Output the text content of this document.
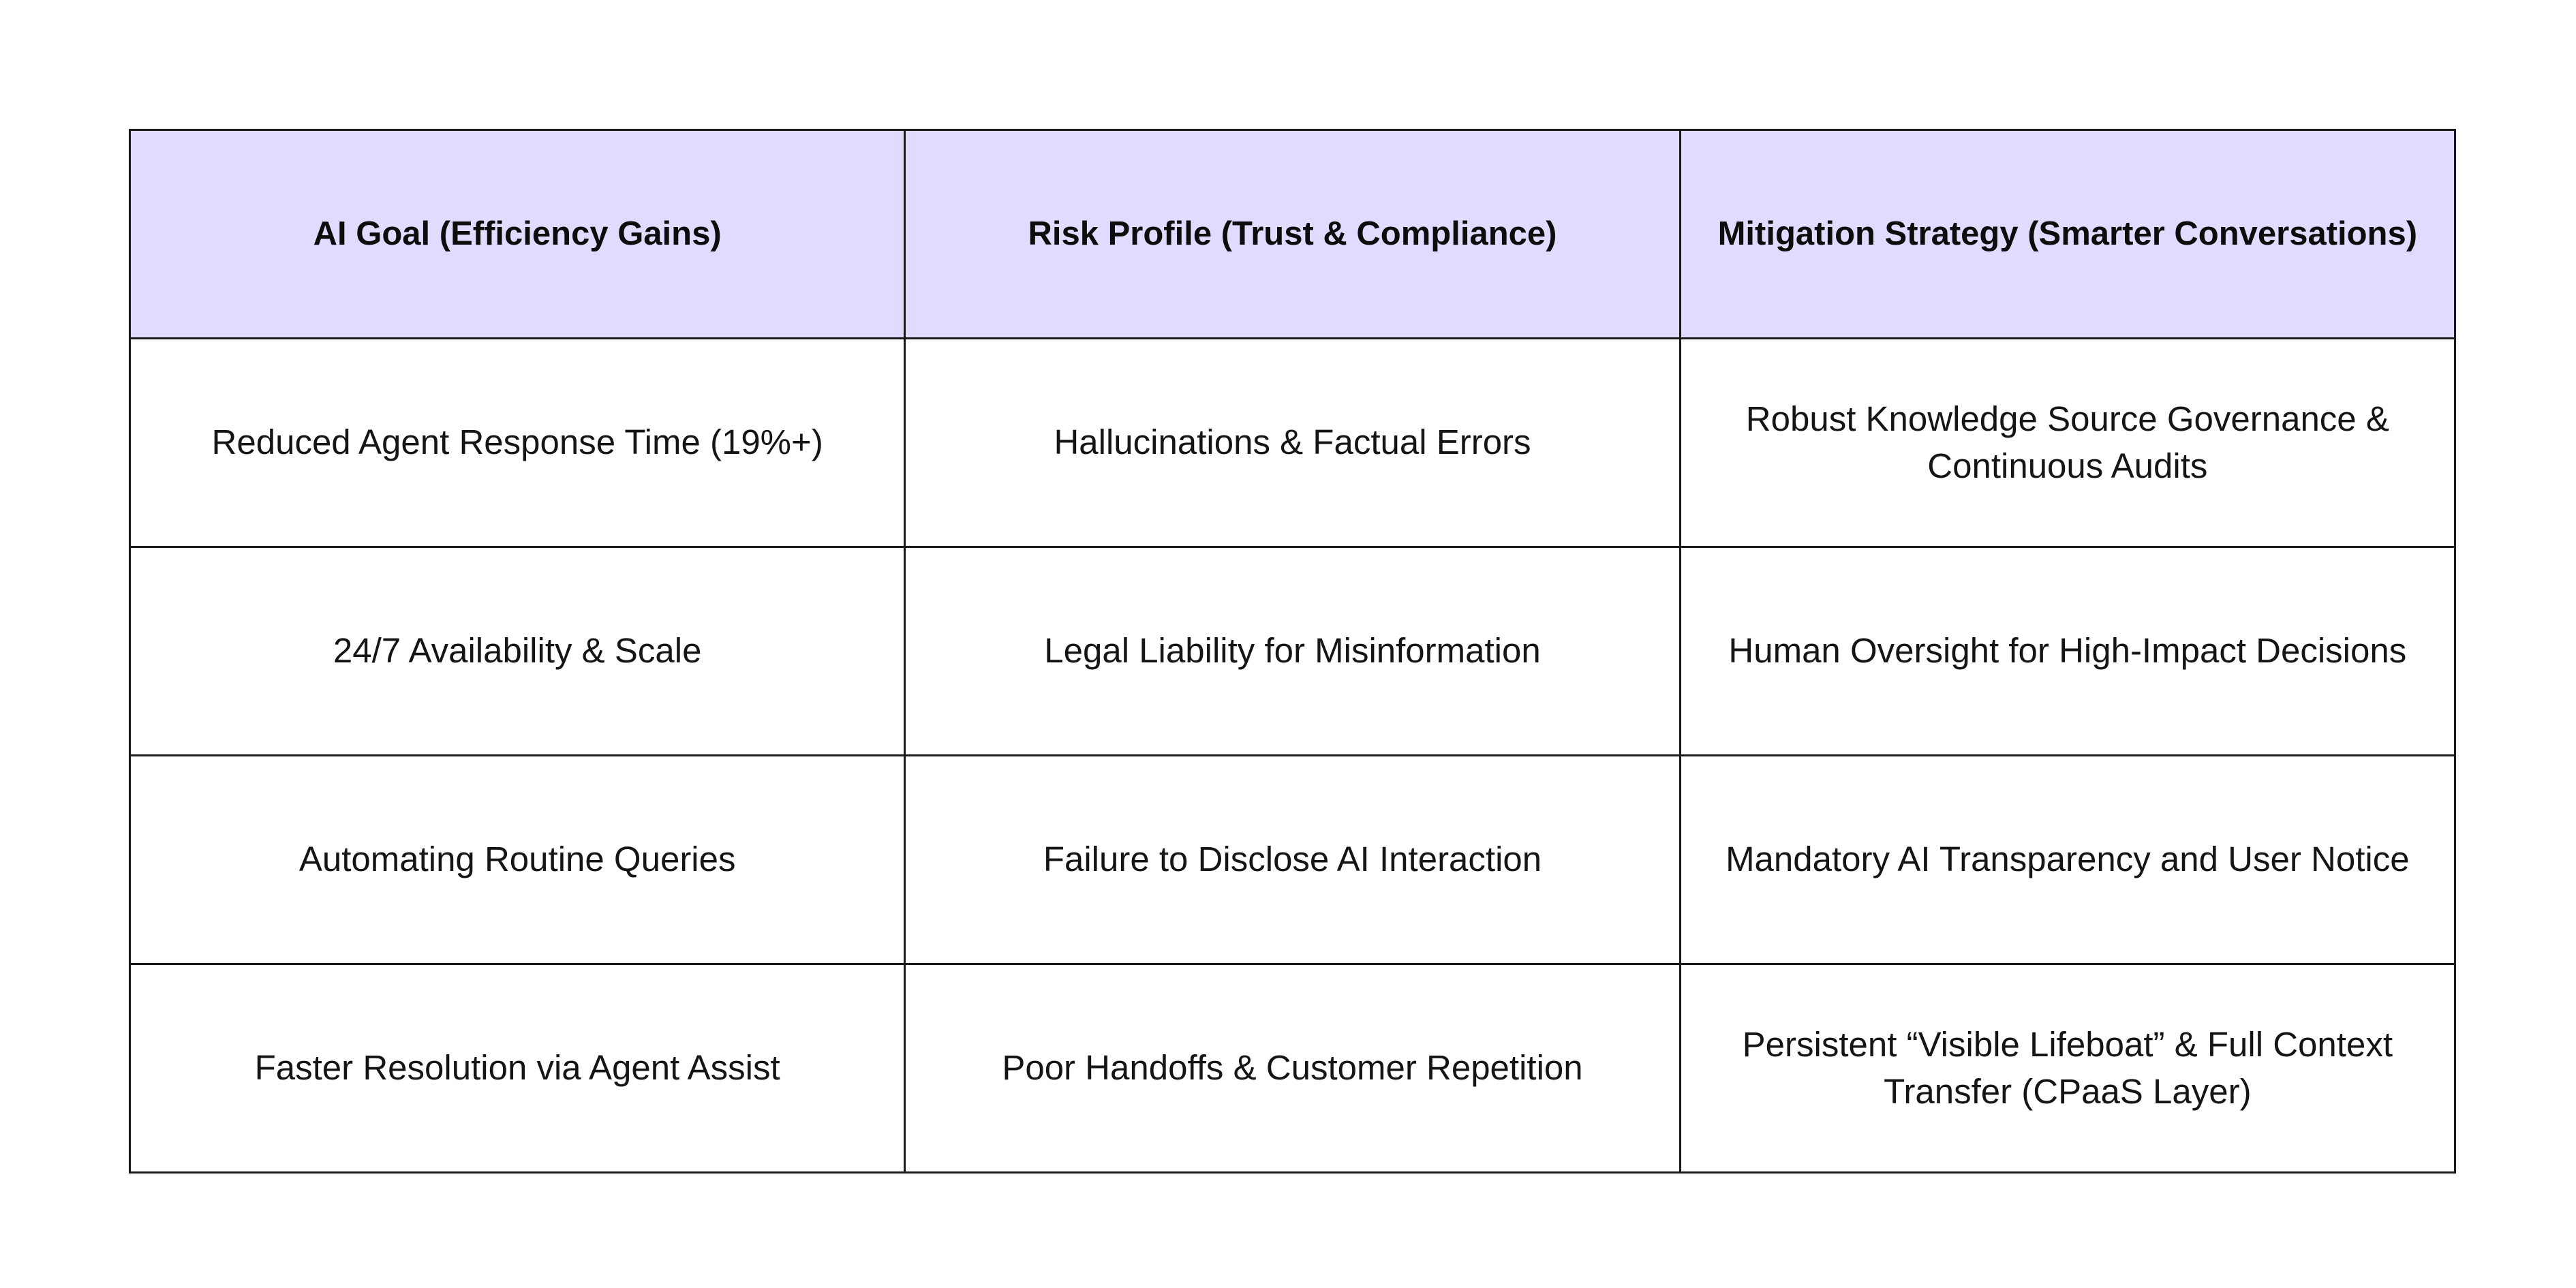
AI Goal (Efficiency Gains)	Risk Profile (Trust & Compliance)	Mitigation Strategy (Smarter Conversations)
Reduced Agent Response Time (19%+)	Hallucinations & Factual Errors	Robust Knowledge Source Governance & Continuous Audits
24/7 Availability & Scale	Legal Liability for Misinformation	Human Oversight for High-Impact Decisions
Automating Routine Queries	Failure to Disclose AI Interaction	Mandatory AI Transparency and User Notice
Faster Resolution via Agent Assist	Poor Handoffs & Customer Repetition	Persistent “Visible Lifeboat” & Full Context Transfer (CPaaS Layer)
